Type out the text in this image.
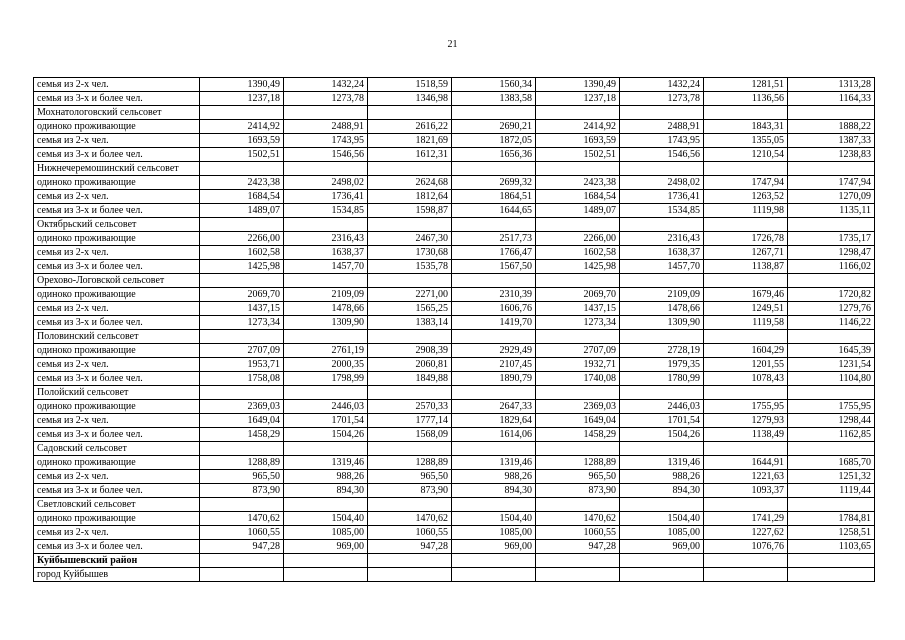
21
семья из 2-х чел.	1390,49	1432,24	1518,59	1560,34	1390,49	1432,24	1281,51	1313,28
семья из 3-х и более чел.	1237,18	1273,78	1346,98	1383,58	1237,18	1273,78	1136,56	1164,33
Мохнатологовский сельсовет								
одиноко проживающие	2414,92	2488,91	2616,22	2690,21	2414,92	2488,91	1843,31	1888,22
семья из 2-х чел.	1693,59	1743,95	1821,69	1872,05	1693,59	1743,95	1355,05	1387,33
семья из 3-х и более чел.	1502,51	1546,56	1612,31	1656,36	1502,51	1546,56	1210,54	1238,83
Нижнечеремошинский сельсовет								
одиноко проживающие	2423,38	2498,02	2624,68	2699,32	2423,38	2498,02	1747,94	1747,94
семья из 2-х чел.	1684,54	1736,41	1812,64	1864,51	1684,54	1736,41	1263,52	1270,09
семья из 3-х и более чел.	1489,07	1534,85	1598,87	1644,65	1489,07	1534,85	1119,98	1135,11
Октябрьский сельсовет								
одиноко проживающие	2266,00	2316,43	2467,30	2517,73	2266,00	2316,43	1726,78	1735,17
семья из 2-х чел.	1602,58	1638,37	1730,68	1766,47	1602,58	1638,37	1267,71	1298,47
семья из 3-х и более чел.	1425,98	1457,70	1535,78	1567,50	1425,98	1457,70	1138,87	1166,02
Орехово-Логовской сельсовет								
одиноко проживающие	2069,70	2109,09	2271,00	2310,39	2069,70	2109,09	1679,46	1720,82
семья из 2-х чел.	1437,15	1478,66	1565,25	1606,76	1437,15	1478,66	1249,51	1279,76
семья из 3-х и более чел.	1273,34	1309,90	1383,14	1419,70	1273,34	1309,90	1119,58	1146,22
Половинский сельсовет								
одиноко проживающие	2707,09	2761,19	2908,39	2929,49	2707,09	2728,19	1604,29	1645,39
семья из 2-х чел.	1953,71	2000,35	2060,81	2107,45	1932,71	1979,35	1201,55	1231,54
семья из 3-х и более чел.	1758,08	1798,99	1849,88	1890,79	1740,08	1780,99	1078,43	1104,80
Полойский сельсовет								
одиноко проживающие	2369,03	2446,03	2570,33	2647,33	2369,03	2446,03	1755,95	1755,95
семья из 2-х чел.	1649,04	1701,54	1777,14	1829,64	1649,04	1701,54	1279,93	1298,44
семья из 3-х и более чел.	1458,29	1504,26	1568,09	1614,06	1458,29	1504,26	1138,49	1162,85
Садовский сельсовет								
одиноко проживающие	1288,89	1319,46	1288,89	1319,46	1288,89	1319,46	1644,91	1685,70
семья из 2-х чел.	965,50	988,26	965,50	988,26	965,50	988,26	1221,63	1251,32
семья из 3-х и более чел.	873,90	894,30	873,90	894,30	873,90	894,30	1093,37	1119,44
Светловский сельсовет								
одиноко проживающие	1470,62	1504,40	1470,62	1504,40	1470,62	1504,40	1741,29	1784,81
семья из 2-х чел.	1060,55	1085,00	1060,55	1085,00	1060,55	1085,00	1227,62	1258,51
семья из 3-х и более чел.	947,28	969,00	947,28	969,00	947,28	969,00	1076,76	1103,65
Куйбышевский район								
город Куйбышев								
